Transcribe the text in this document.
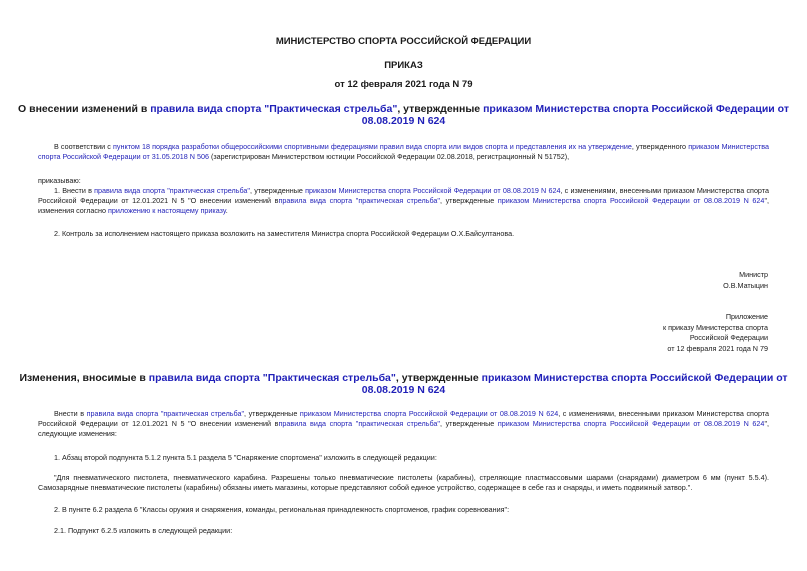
МИНИСТЕРСТВО СПОРТА РОССИЙСКОЙ ФЕДЕРАЦИИ
ПРИКАЗ
от 12 февраля 2021 года N 79
О внесении изменений в правила вида спорта "Практическая стрельба", утвержденные приказом Министерства спорта Российской Федерации от 08.08.2019 N 624
В соответствии с пунктом 18 порядка разработки общероссийскими спортивными федерациями правил вида спорта или видов спорта и представления их на утверждение, утвержденного приказом Министерства спорта Российской Федерации от 31.05.2018 N 506 (зарегистрирован Министерством юстиции Российской Федерации 02.08.2018, регистрационный N 51752),
приказываю:
1. Внести в правила вида спорта "практическая стрельба", утвержденные приказом Министерства спорта Российской Федерации от 08.08.2019 N 624, с изменениями, внесенными приказом Министерства спорта Российской Федерации от 12.01.2021 N 5 "О внесении изменений вправила вида спорта "практическая стрельба", утвержденные приказом Министерства спорта Российской Федерации от 08.08.2019 N 624", изменения согласно приложению к настоящему приказу.
2. Контроль за исполнением настоящего приказа возложить на заместителя Министра спорта Российской Федерации О.Х.Байсултанова.
Министр
О.В.Матыцин
Приложение
к приказу Министерства спорта
Российской Федерации
от 12 февраля 2021 года N 79
Изменения, вносимые в правила вида спорта "Практическая стрельба", утвержденные приказом Министерства спорта Российской Федерации от 08.08.2019 N 624
Внести в правила вида спорта "практическая стрельба", утвержденные приказом Министерства спорта Российской Федерации от 08.08.2019 N 624, с изменениями, внесенными приказом Министерства спорта Российской Федерации от 12.01.2021 N 5 "О внесении изменений вправила вида спорта "практическая стрельба", утвержденные приказом Министерства спорта Российской Федерации от 08.08.2019 N 624", следующие изменения:
1. Абзац второй подпункта 5.1.2 пункта 5.1 раздела 5 "Снаряжение спортсмена" изложить в следующей редакции:
"Для пневматического пистолета, пневматического карабина. Разрешены только пневматические пистолеты (карабины), стреляющие пластмассовыми шарами (снарядами) диаметром 6 мм (пункт 5.5.4). Самозарядные пневматические пистолеты (карабины) обязаны иметь магазины, которые представляют собой единое устройство, содержащее в себе газ и снаряды, и иметь подвижный затвор.".
2. В пункте 6.2 раздела 6 "Классы оружия и снаряжения, команды, региональная принадлежность спортсменов, график соревнования":
2.1. Подпункт 6.2.5 изложить в следующей редакции:
